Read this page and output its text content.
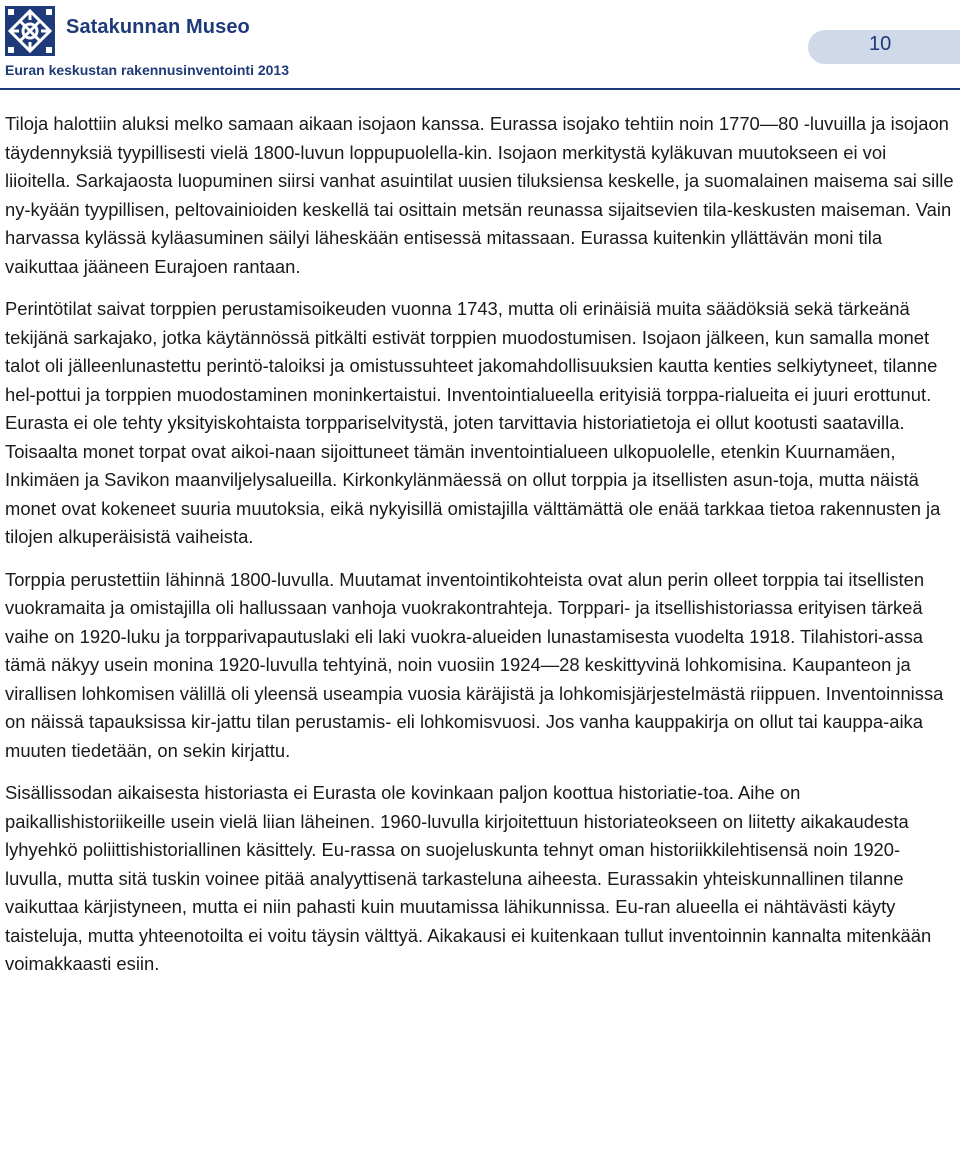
Satakunnan Museo
Euran keskustan rakennusinventointi 2013
10

Tiloja halottiin aluksi melko samaan aikaan isojaon kanssa. Eurassa isojako tehtiin noin 1770—80 -luvuilla ja isojaon täydennyksiä tyypillisesti vielä 1800-luvun loppupuolella-kin. Isojaon merkitystä kyläkuvan muutokseen ei voi liioitella. Sarkajaosta luopuminen siirsi vanhat asuintilat uusien tiluksiensa keskelle, ja suomalainen maisema sai sille ny-kyään tyypillisen, peltovainioiden keskellä tai osittain metsän reunassa sijaitsevien tila-keskusten maiseman. Vain harvassa kylässä kyläasuminen säilyi läheskään entisessä mitassaan. Eurassa kuitenkin yllättävän moni tila vaikuttaa jääneen Eurajoen rantaan.

Perintötilat saivat torppien perustamisoikeuden vuonna 1743, mutta oli erinäisiä muita säädöksiä sekä tärkeänä tekijänä sarkajako, jotka käytännössä pitkälti estivät torppien muodostumisen. Isojaon jälkeen, kun samalla monet talot oli jälleenlunastettu perintö-taloiksi ja omistussuhteet jakomahdollisuuksien kautta kenties selkiytyneet, tilanne hel-pottui ja torppien muodostaminen moninkertaistui. Inventointialueella erityisiä torppa-rialueita ei juuri erottunut. Eurasta ei ole tehty yksityiskohtaista torppariselvitystä, joten tarvittavia historiatietoja ei ollut kootusti saatavilla. Toisaalta monet torpat ovat aikoi-naan sijoittuneet tämän inventointialueen ulkopuolelle, etenkin Kuurnamäen, Inkimäen ja Savikon maanviljelysalueilla. Kirkonkylänmäessä on ollut torppia ja itsellisten asun-toja, mutta näistä monet ovat kokeneet suuria muutoksia, eikä nykyisillä omistajilla välttämättä ole enää tarkkaa tietoa rakennusten ja tilojen alkuperäisistä vaiheista.

Torppia perustettiin lähinnä 1800-luvulla. Muutamat inventointikohteista ovat alun perin olleet torppia tai itsellisten vuokramaita ja omistajilla oli hallussaan vanhoja vuokrakontrahteja. Torppari- ja itsellishistoriassa erityisen tärkeä vaihe on 1920-luku ja torpparivapautuslaki eli laki vuokra-alueiden lunastamisesta vuodelta 1918. Tilahistori-assa tämä näkyy usein monina 1920-luvulla tehtyinä, noin vuosiin 1924—28 keskittyvinä lohkomisina. Kaupanteon ja virallisen lohkomisen välillä oli yleensä useampia vuosia käräjistä ja lohkomisjärjestelmästä riippuen. Inventoinnissa on näissä tapauksissa kir-jattu tilan perustamis- eli lohkomisvuosi. Jos vanha kauppakirja on ollut tai kauppa-aika muuten tiedetään, on sekin kirjattu.

Sisällissodan aikaisesta historiasta ei Eurasta ole kovinkaan paljon koottua historiatie-toa. Aihe on paikallishistoriikeille usein vielä liian läheinen. 1960-luvulla kirjoitettuun historiateokseen on liitetty aikakaudesta lyhyehkö poliittishistoriallinen käsittely. Eu-rassa on suojeluskunta tehnyt oman historiikkilehtisensä noin 1920-luvulla, mutta sitä tuskin voinee pitää analyyttisenä tarkasteluna aiheesta. Eurassakin yhteiskunnallinen tilanne vaikuttaa kärjistyneen, mutta ei niin pahasti kuin muutamissa lähikunnissa. Eu-ran alueella ei nähtävästi käyty taisteluja, mutta yhteenotoilta ei voitu täysin välttyä. Aikakausi ei kuitenkaan tullut inventoinnin kannalta mitenkään voimakkaasti esiin.
